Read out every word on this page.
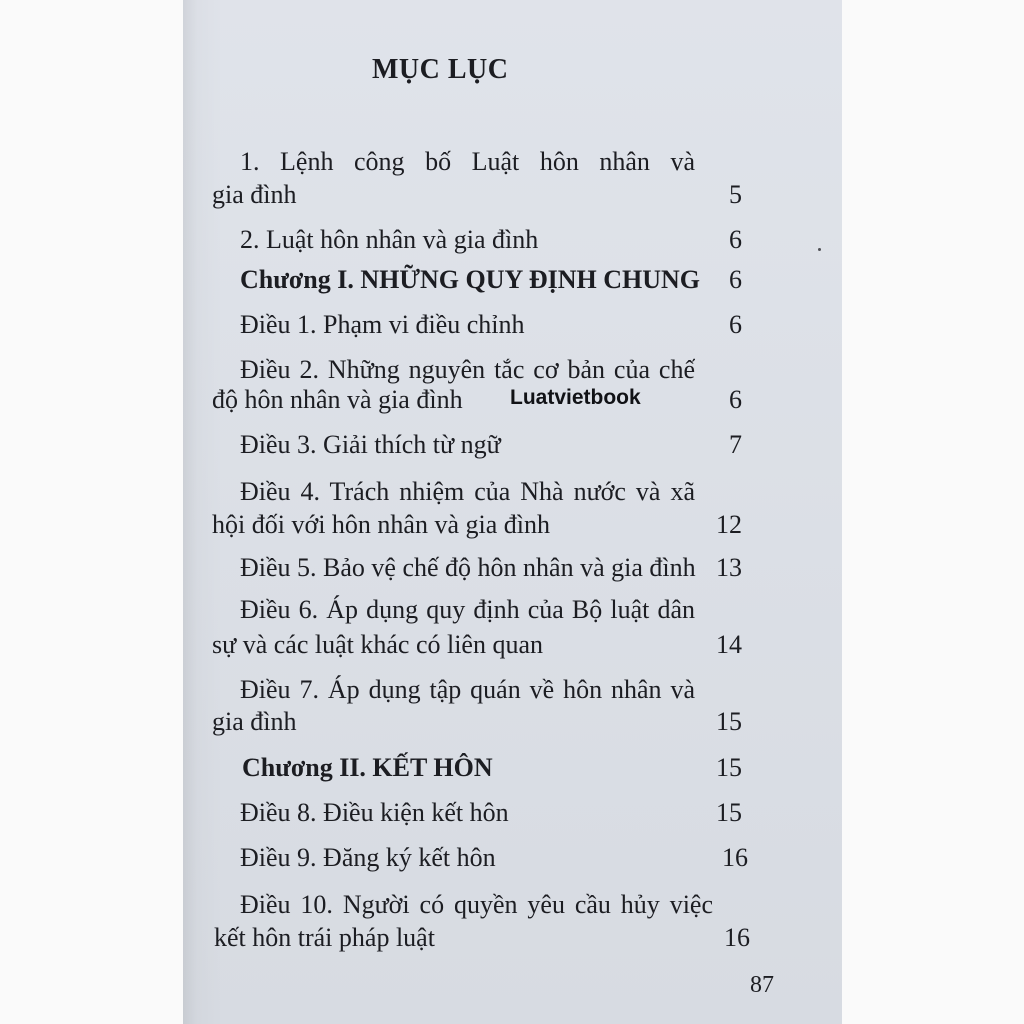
MỤC LỤC
1. Lệnh công bố Luật hôn nhân và
gia đình	5
2. Luật hôn nhân và gia đình	6
Chương I. NHỮNG QUY ĐỊNH CHUNG	6
Điều 1. Phạm vi điều chỉnh	6
Điều 2. Những nguyên tắc cơ bản của chế
độ hôn nhân và gia đình	6
Luatvietbook
Điều 3. Giải thích từ ngữ	7
Điều 4. Trách nhiệm của Nhà nước và xã
hội đối với hôn nhân và gia đình	12
Điều 5. Bảo vệ chế độ hôn nhân và gia đình 13
Điều 6. Áp dụng quy định của Bộ luật dân
sự và các luật khác có liên quan	14
Điều 7. Áp dụng tập quán về hôn nhân và
gia đình	15
Chương II. KẾT HÔN	15
Điều 8. Điều kiện kết hôn	15
Điều 9. Đăng ký kết hôn	16
Điều 10. Người có quyền yêu cầu hủy việc
kết hôn trái pháp luật	16
87
